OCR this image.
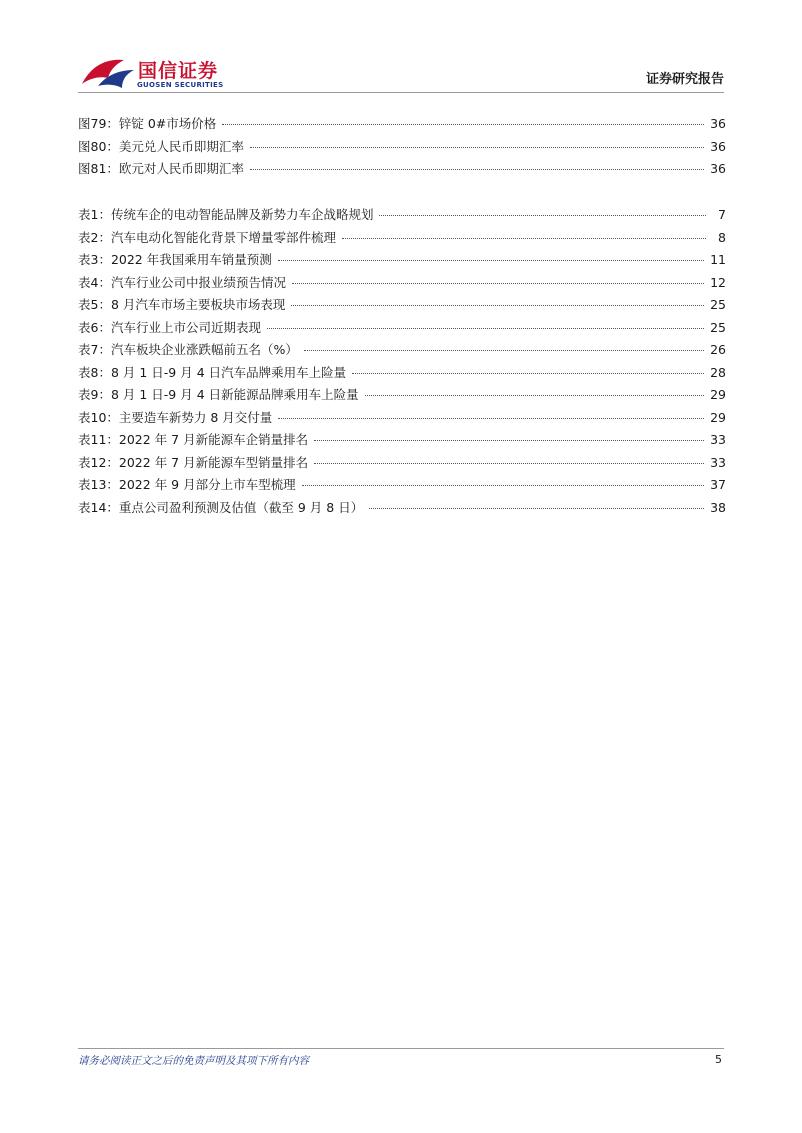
国信证券
GUOSEN SECURITIES	证券研究报告
图79： 锌锭 0#市场价格	36
图80： 美元兑人民币即期汇率	36
图81： 欧元对人民币即期汇率	36
表1： 传统车企的电动智能品牌及新势力车企战略规划	7
表2： 汽车电动化智能化背景下增量零部件梳理	8
表3： 2022 年我国乘用车销量预测	11
表4： 汽车行业公司中报业绩预告情况	12
表5： 8 月汽车市场主要板块市场表现	25
表6： 汽车行业上市公司近期表现	25
表7： 汽车板块企业涨跌幅前五名（%）	26
表8： 8 月 1 日-9 月 4 日汽车品牌乘用车上险量	28
表9： 8 月 1 日-9 月 4 日新能源品牌乘用车上险量	29
表10： 主要造车新势力 8 月交付量	29
表11： 2022 年 7 月新能源车企销量排名	33
表12： 2022 年 7 月新能源车型销量排名	33
表13： 2022 年 9 月部分上市车型梳理	37
表14： 重点公司盈利预测及估值（截至 9 月 8 日）	38
请务必阅读正文之后的免责声明及其项下所有内容	5
